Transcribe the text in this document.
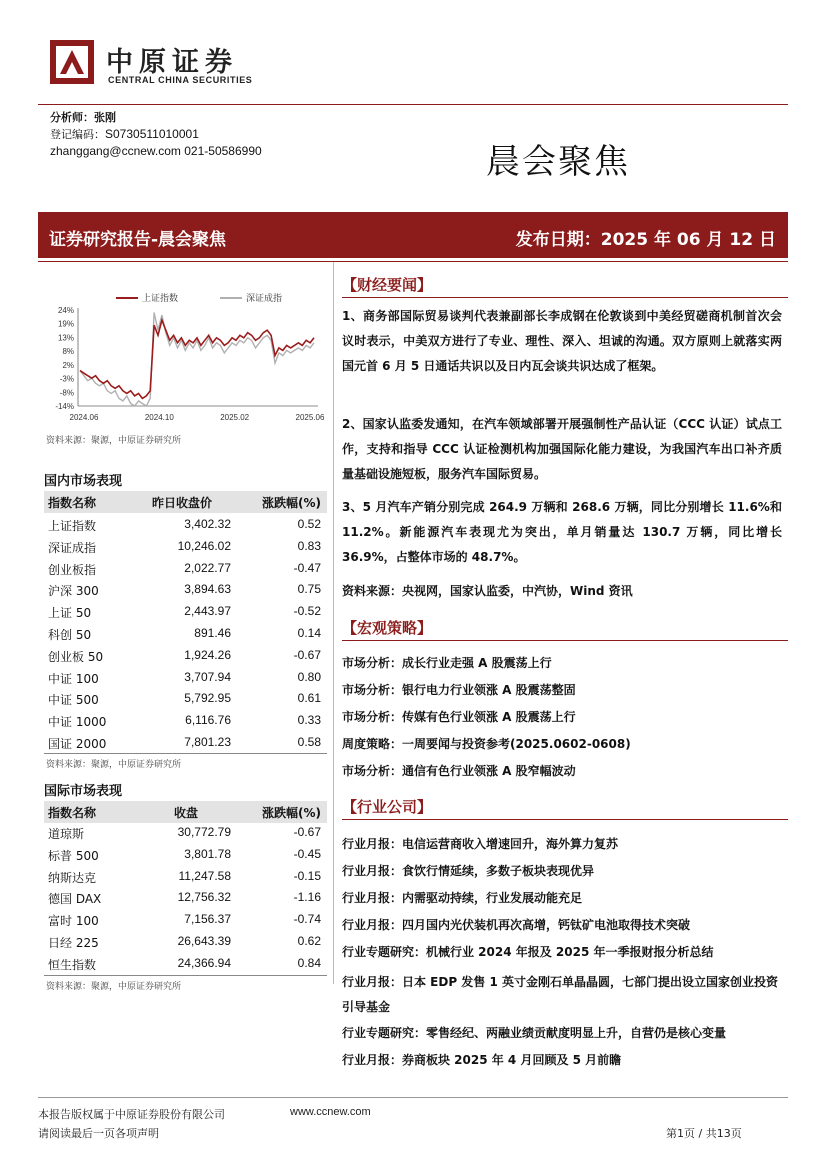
中原证券
CENTRAL CHINA SECURITIES
分析师：张刚
登记编码：S0730511010001
zhanggang@ccnew.com 021-50586990	晨会聚焦
证券研究报告-晨会聚焦	发布日期：2025 年 06 月 12 日
24%
19%
13%
8%
2%
-3%
-8%
-14%
2024.06	2024.10	2025.02	2025.06
上证指数	深证成指
资料来源：聚源，中原证券研究所
国内市场表现
指数名称	昨日收盘价	涨跌幅(%)
上证指数	3,402.32	0.52
深证成指	10,246.02	0.83
创业板指	2,022.77	-0.47
沪深 300	3,894.63	0.75
上证 50	2,443.97	-0.52
科创 50	891.46	0.14
创业板 50	1,924.26	-0.67
中证 100	3,707.94	0.80
中证 500	5,792.95	0.61
中证 1000	6,116.76	0.33
国证 2000	7,801.23	0.58
资料来源：聚源，中原证券研究所
国际市场表现
指数名称	收盘	涨跌幅(%)
道琼斯	30,772.79	-0.67
标普 500	3,801.78	-0.45
纳斯达克	11,247.58	-0.15
德国 DAX	12,756.32	-1.16
富时 100	7,156.37	-0.74
日经 225	26,643.39	0.62
恒生指数	24,366.94	0.84
资料来源：聚源，中原证券研究所
【财经要闻】
1、商务部国际贸易谈判代表兼副部长李成钢在伦敦谈到中美经贸磋商机制首次会议时表示，中美双方进行了专业、理性、深入、坦诚的沟通。双方原则上就落实两国元首 6 月 5 日通话共识以及日内瓦会谈共识达成了框架。
2、国家认监委发通知，在汽车领域部署开展强制性产品认证（CCC 认证）试点工作，支持和指导 CCC 认证检测机构加强国际化能力建设，为我国汽车出口补齐质量基础设施短板，服务汽车国际贸易。
3、5 月汽车产销分别完成 264.9 万辆和 268.6 万辆，同比分别增长 11.6%和 11.2%。新能源汽车表现尤为突出，单月销量达 130.7 万辆，同比增长 36.9%，占整体市场的 48.7%。
资料来源：央视网，国家认监委，中汽协，Wind 资讯
【宏观策略】
市场分析：成长行业走强 A 股震荡上行
市场分析：银行电力行业领涨 A 股震荡整固
市场分析：传媒有色行业领涨 A 股震荡上行
周度策略：一周要闻与投资参考(2025.0602-0608)
市场分析：通信有色行业领涨 A 股窄幅波动
【行业公司】
行业月报：电信运营商收入增速回升，海外算力复苏
行业月报：食饮行情延续，多数子板块表现优异
行业月报：内需驱动持续，行业发展动能充足
行业月报：四月国内光伏装机再次高增，钙钛矿电池取得技术突破
行业专题研究：机械行业 2024 年报及 2025 年一季报财报分析总结
行业月报：日本 EDP 发售 1 英寸金刚石单晶晶圆，七部门提出设立国家创业投资引导基金
行业专题研究：零售经纪、两融业绩贡献度明显上升，自营仍是核心变量
行业月报：券商板块 2025 年 4 月回顾及 5 月前瞻
本报告版权属于中原证券股份有限公司	www.ccnew.com
请阅读最后一页各项声明	第1页 / 共13页
